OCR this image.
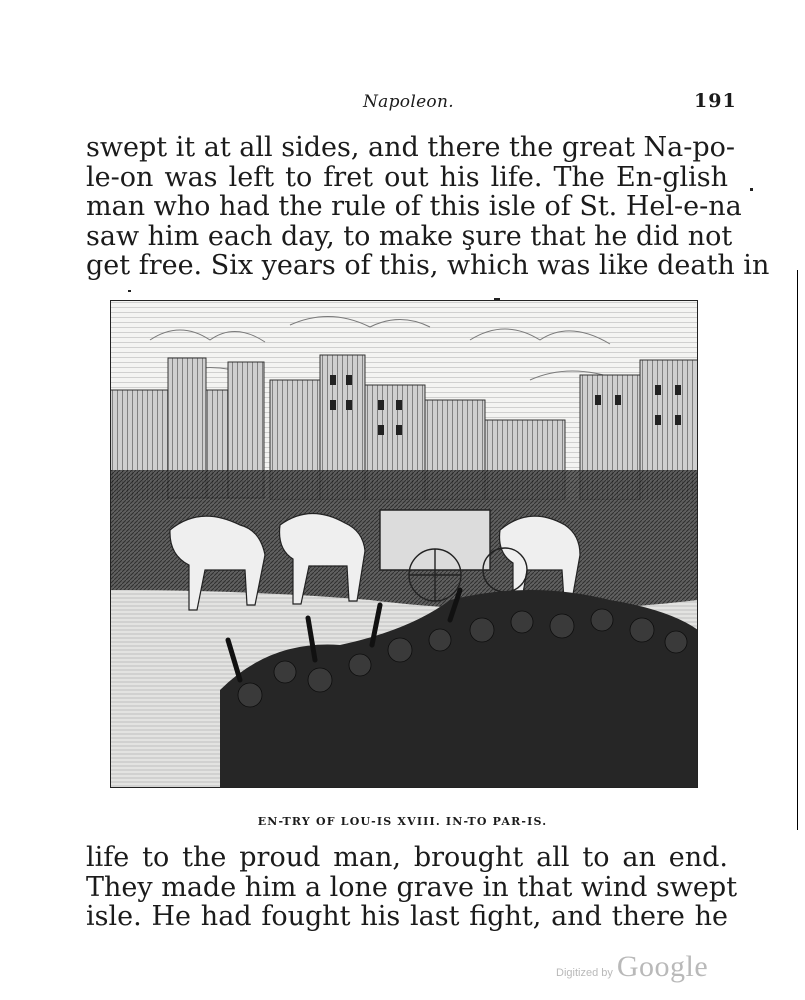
Napoleon.	191
swept it at all sides, and there the great Na-po-
le-on was left to fret out his life. The En-glish
man who had the rule of this isle of St. Hel-e-na
saw him each day, to make şure that he did not
get free. Six years of this, which was like death in
EN-TRY OF LOU-IS XVIII. IN-TO PAR-IS.
life to the proud man, brought all to an end.
They made him a lone grave in that wind swept
isle. He had fought his last fight, and there he
Digitized by Google
